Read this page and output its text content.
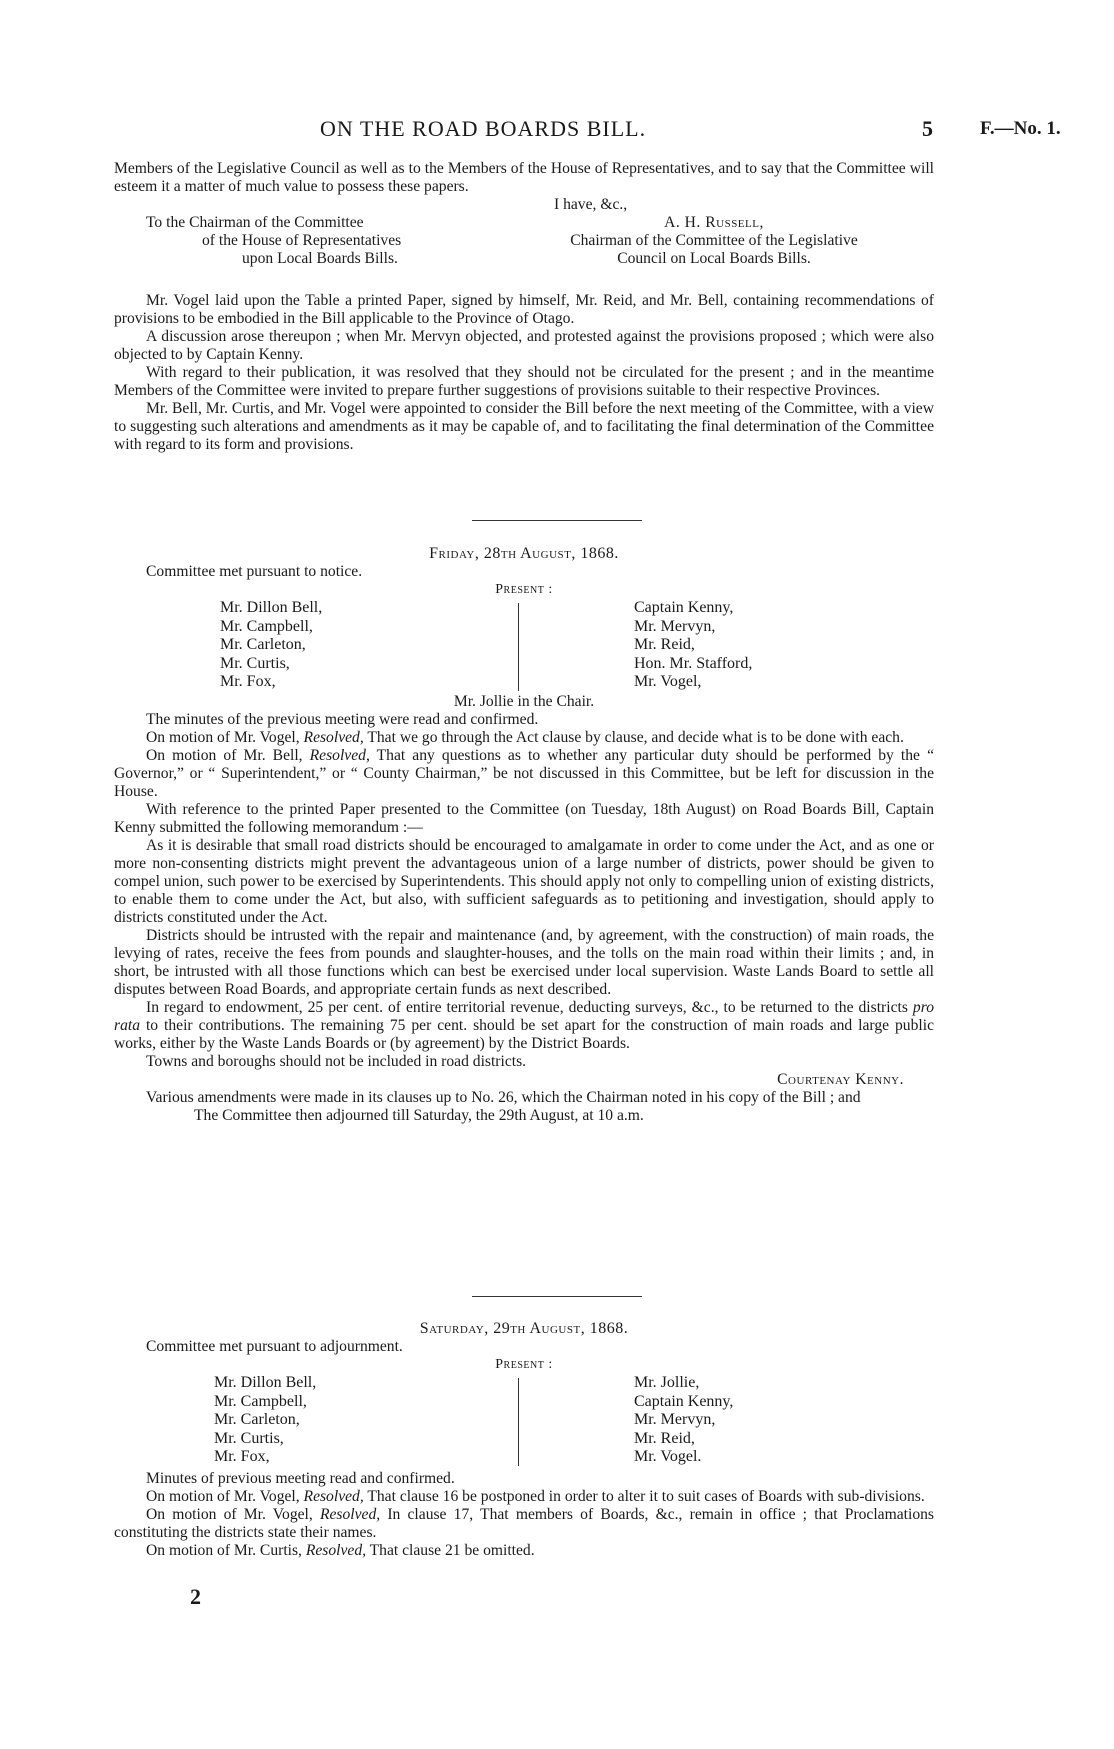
ON THE ROAD BOARDS BILL.	5 F.—No. 1.

Members of the Legislative Council as well as to the Members of the House of Representatives, and to say that the Committee will esteem it a matter of much value to possess these papers.

I have, &c.,

To the Chairman of the Committee
of the House of Representatives
upon Local Boards Bills.
A. H. Russell,
Chairman of the Committee of the Legislative
Council on Local Boards Bills.

Mr. Vogel laid upon the Table a printed Paper, signed by himself, Mr. Reid, and Mr. Bell, containing recommendations of provisions to be embodied in the Bill applicable to the Province of Otago.

A discussion arose thereupon ; when Mr. Mervyn objected, and protested against the provisions proposed ; which were also objected to by Captain Kenny.

With regard to their publication, it was resolved that they should not be circulated for the present ; and in the meantime Members of the Committee were invited to prepare further suggestions of provisions suitable to their respective Provinces.

Mr. Bell, Mr. Curtis, and Mr. Vogel were appointed to consider the Bill before the next meeting of the Committee, with a view to suggesting such alterations and amendments as it may be capable of, and to facilitating the final determination of the Committee with regard to its form and provisions.

Friday, 28th August, 1868.

Committee met pursuant to notice.

Present :

Mr. Dillon Bell,
Mr. Campbell,
Mr. Carleton,
Mr. Curtis,
Mr. Fox,
Captain Kenny,
Mr. Mervyn,
Mr. Reid,
Hon. Mr. Stafford,
Mr. Vogel,

Mr. Jollie in the Chair.

The minutes of the previous meeting were read and confirmed.

On motion of Mr. Vogel, Resolved, That we go through the Act clause by clause, and decide what is to be done with each.

On motion of Mr. Bell, Resolved, That any questions as to whether any particular duty should be performed by the “ Governor,” or “ Superintendent,” or “ County Chairman,” be not discussed in this Committee, but be left for discussion in the House.

With reference to the printed Paper presented to the Committee (on Tuesday, 18th August) on Road Boards Bill, Captain Kenny submitted the following memorandum :—

As it is desirable that small road districts should be encouraged to amalgamate in order to come under the Act, and as one or more non-consenting districts might prevent the advantageous union of a large number of districts, power should be given to compel union, such power to be exercised by Superintendents. This should apply not only to compelling union of existing districts, to enable them to come under the Act, but also, with sufficient safeguards as to petitioning and investigation, should apply to districts constituted under the Act.

Districts should be intrusted with the repair and maintenance (and, by agreement, with the construction) of main roads, the levying of rates, receive the fees from pounds and slaughter-houses, and the tolls on the main road within their limits ; and, in short, be intrusted with all those functions which can best be exercised under local supervision. Waste Lands Board to settle all disputes between Road Boards, and appropriate certain funds as next described.

In regard to endowment, 25 per cent. of entire territorial revenue, deducting surveys, &c., to be returned to the districts pro rata to their contributions. The remaining 75 per cent. should be set apart for the construction of main roads and large public works, either by the Waste Lands Boards or (by agreement) by the District Boards.

Towns and boroughs should not be included in road districts.

Courtenay Kenny.

Various amendments were made in its clauses up to No. 26, which the Chairman noted in his copy of the Bill ; and

The Committee then adjourned till Saturday, the 29th August, at 10 a.m.

Saturday, 29th August, 1868.

Committee met pursuant to adjournment.

Present :

Mr. Dillon Bell,
Mr. Campbell,
Mr. Carleton,
Mr. Curtis,
Mr. Fox,
Mr. Jollie,
Captain Kenny,
Mr. Mervyn,
Mr. Reid,
Mr. Vogel.

Minutes of previous meeting read and confirmed.

On motion of Mr. Vogel, Resolved, That clause 16 be postponed in order to alter it to suit cases of Boards with sub-divisions.

On motion of Mr. Vogel, Resolved, In clause 17, That members of Boards, &c., remain in office ; that Proclamations constituting the districts state their names.

On motion of Mr. Curtis, Resolved, That clause 21 be omitted.

2
